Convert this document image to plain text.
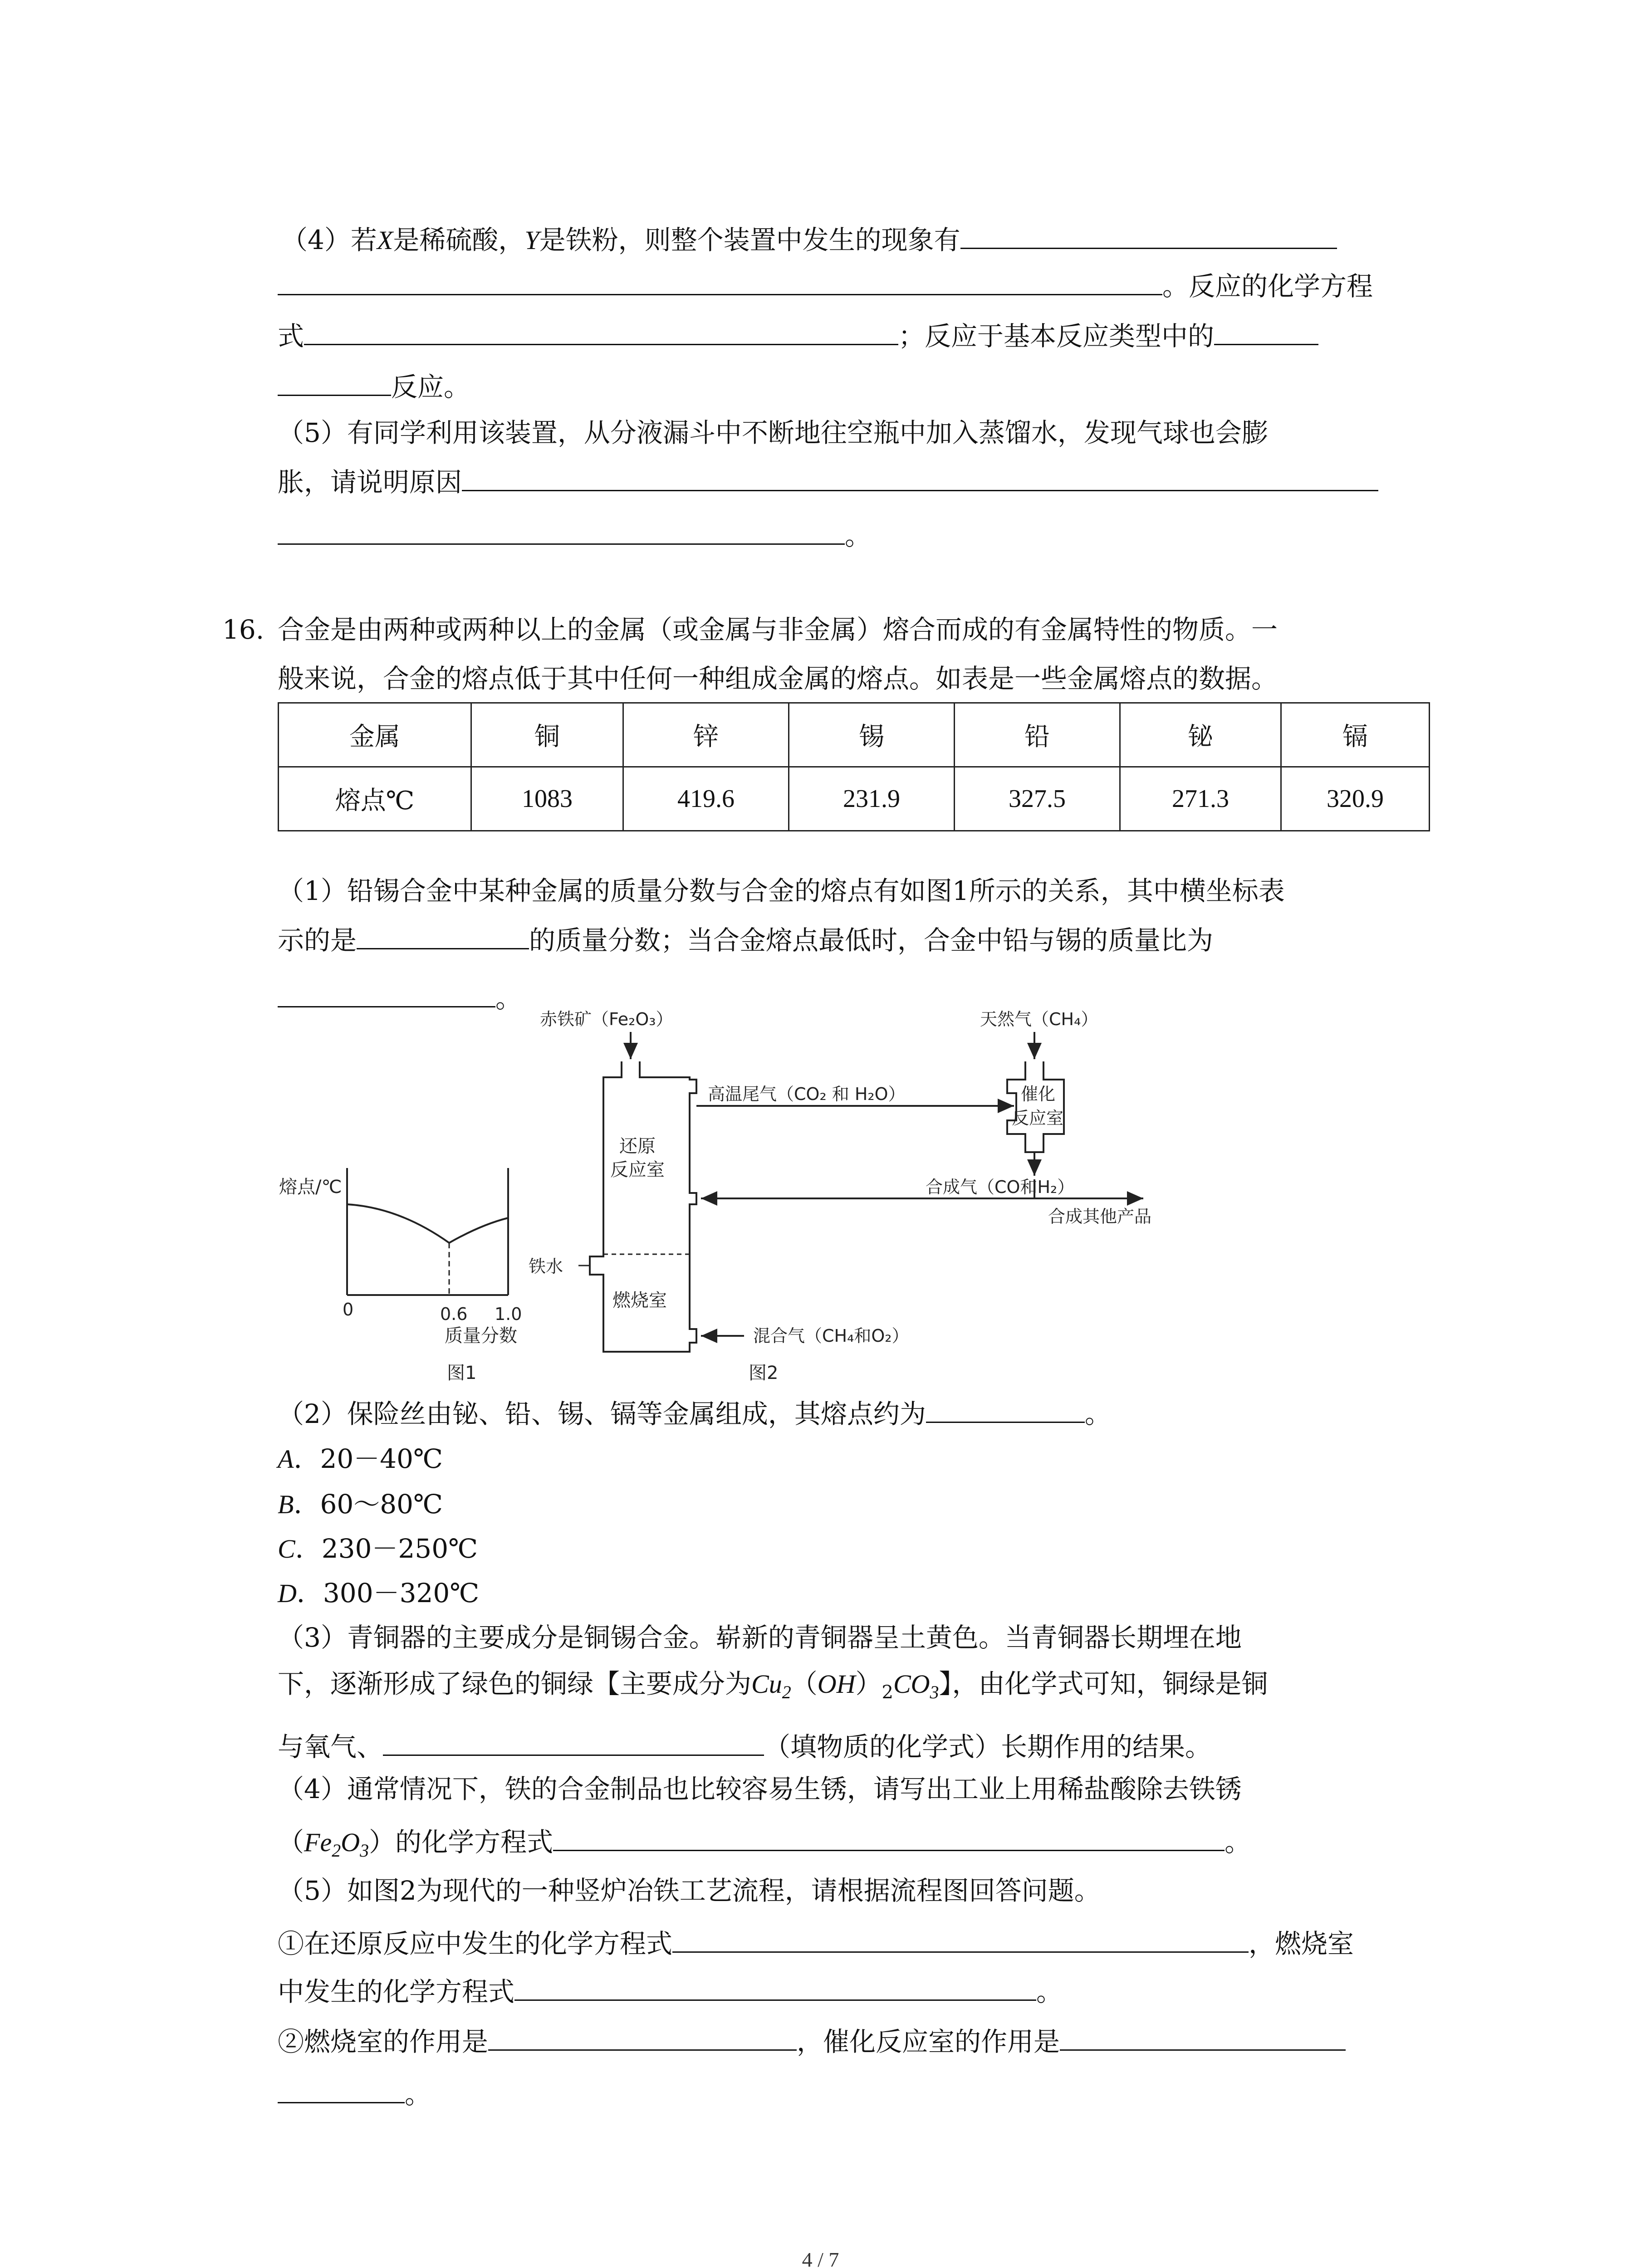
（4）若X是稀硫酸，Y是铁粉，则整个装置中发生的现象有
。反应的化学方程
式	；反应于基本反应类型中的
反应。
（5）有同学利用该装置，从分液漏斗中不断地往空瓶中加入蒸馏水，发现气球也会膨
胀，请说明原因
。
16. 合金是由两种或两种以上的金属（或金属与非金属）熔合而成的有金属特性的物质。一
般来说，合金的熔点低于其中任何一种组成金属的熔点。如表是一些金属熔点的数据。
金属	铜	锌	锡	铅	铋	镉
熔点℃	1083	419.6	231.9	327.5	271.3	320.9
（1）铅锡合金中某种金属的质量分数与合金的熔点有如图1所示的关系，其中横坐标表
示的是	的质量分数；当合金熔点最低时，合金中铅与锡的质量比为
。
熔点/℃
0	0.6 1.0
质量分数
图1
赤铁矿（Fe₂O₃）
还原
反应室
燃烧室
铁水
高温尾气（CO₂ 和 H₂O）
天然气（CH₄）
催化
反应室
合成气（CO和H₂）
合成其他产品
混合气（CH₄和O₂）
图2
（2）保险丝由铋、铅、锡、镉等金属组成，其熔点约为	。
A．20－40℃
B．60～80℃
C．230－250℃
D．300－320℃
（3）青铜器的主要成分是铜锡合金。崭新的青铜器呈土黄色。当青铜器长期埋在地
下，逐渐形成了绿色的铜绿【主要成分为$Cu_2(OH)_2CO_3$】，由化学式可知，铜绿是铜
与氧气、	（填物质的化学式）长期作用的结果。
（4）通常情况下，铁的合金制品也比较容易生锈，请写出工业上用稀盐酸除去铁锈
$(Fe_2O_3)$的化学方程式	。
（5）如图2为现代的一种竖炉冶铁工艺流程，请根据流程图回答问题。
①在还原反应中发生的化学方程式	，燃烧室
中发生的化学方程式	。
②燃烧室的作用是	，催化反应室的作用是
。
4 / 7
